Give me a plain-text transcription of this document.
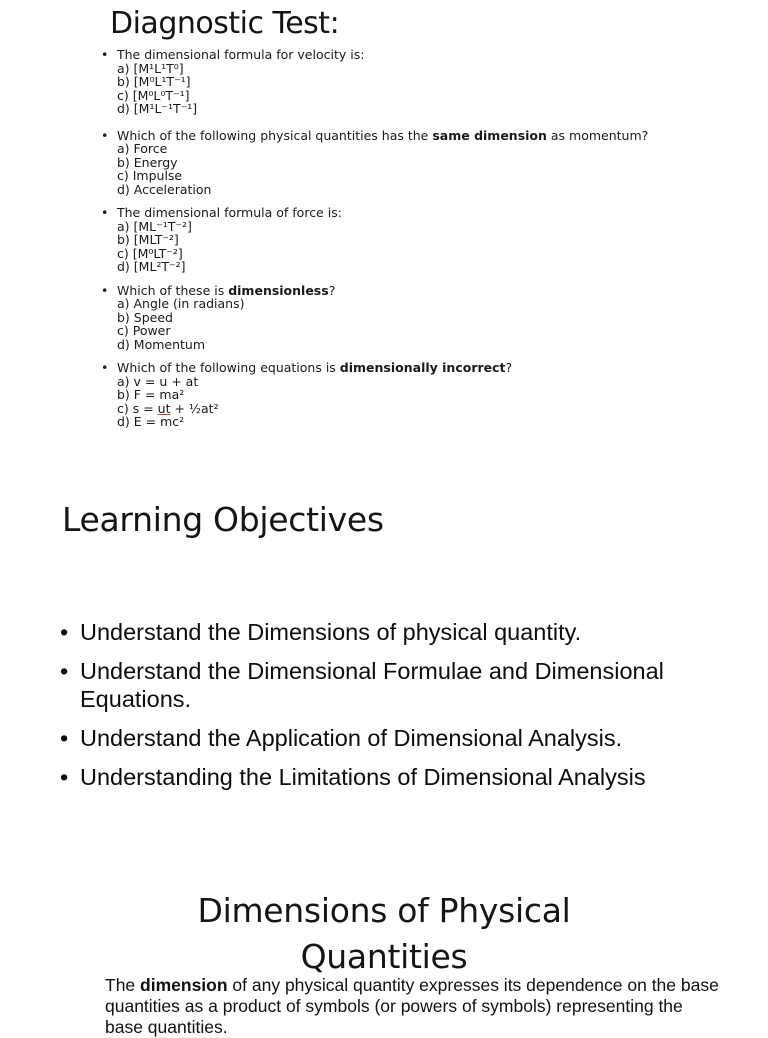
Diagnostic Test:
• The dimensional formula for velocity is:
a) [M¹L¹T⁰]
b) [M⁰L¹T⁻¹]
c) [M⁰L⁰T⁻¹]
d) [M¹L⁻¹T⁻¹]
• Which of the following physical quantities has the same dimension as momentum?
a) Force
b) Energy
c) Impulse
d) Acceleration
• The dimensional formula of force is:
a) [ML⁻¹T⁻²]
b) [MLT⁻²]
c) [M⁰LT⁻²]
d) [ML²T⁻²]
• Which of these is dimensionless?
a) Angle (in radians)
b) Speed
c) Power
d) Momentum
• Which of the following equations is dimensionally incorrect?
a) v = u + at
b) F = ma²
c) s = ut + ½at²
d) E = mc²
Learning Objectives
• Understand the Dimensions of physical quantity.
• Understand the Dimensional Formulae and Dimensional Equations.
• Understand the Application of Dimensional Analysis.
• Understanding the Limitations of Dimensional Analysis
Dimensions of Physical
Quantities

The dimension of any physical quantity expresses its dependence on the base quantities as a product of symbols (or powers of symbols) representing the base quantities.
